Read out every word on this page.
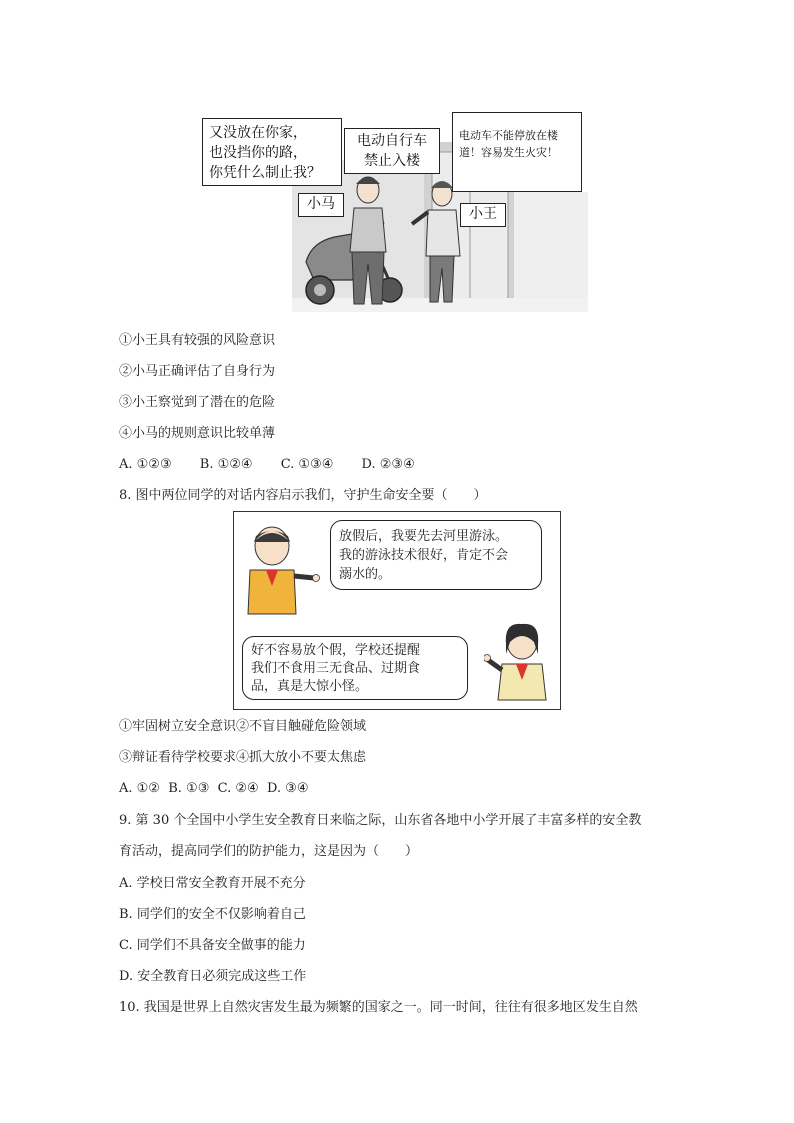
又没放在你家，
也没挡你的路，
你凭什么制止我？
电动自行车
禁止入楼
电动车不能停放在楼
道！容易发生火灾！
小马
小王
①小王具有较强的风险意识
②小马正确评估了自身行为
③小王察觉到了潜在的危险
④小马的规则意识比较单薄
A. ①②③ B. ①②④ C. ①③④ D. ②③④
8. 图中两位同学的对话内容启示我们，守护生命安全要（　　）
放假后，我要先去河里游泳。
我的游泳技术很好，肯定不会
溺水的。
好不容易放个假，学校还提醒
我们不食用三无食品、过期食
品，真是大惊小怪。
①牢固树立安全意识②不盲目触碰危险领域
③辩证看待学校要求④抓大放小不要太焦虑
A. ①②  B. ①③  C. ②④  D. ③④
9. 第 30 个全国中小学生安全教育日来临之际，山东省各地中小学开展了丰富多样的安全教
育活动，提高同学们的防护能力，这是因为（　　）
A. 学校日常安全教育开展不充分
B. 同学们的安全不仅影响着自己
C. 同学们不具备安全做事的能力
D. 安全教育日必须完成这些工作
10. 我国是世界上自然灾害发生最为频繁的国家之一。同一时间，往往有很多地区发生自然
